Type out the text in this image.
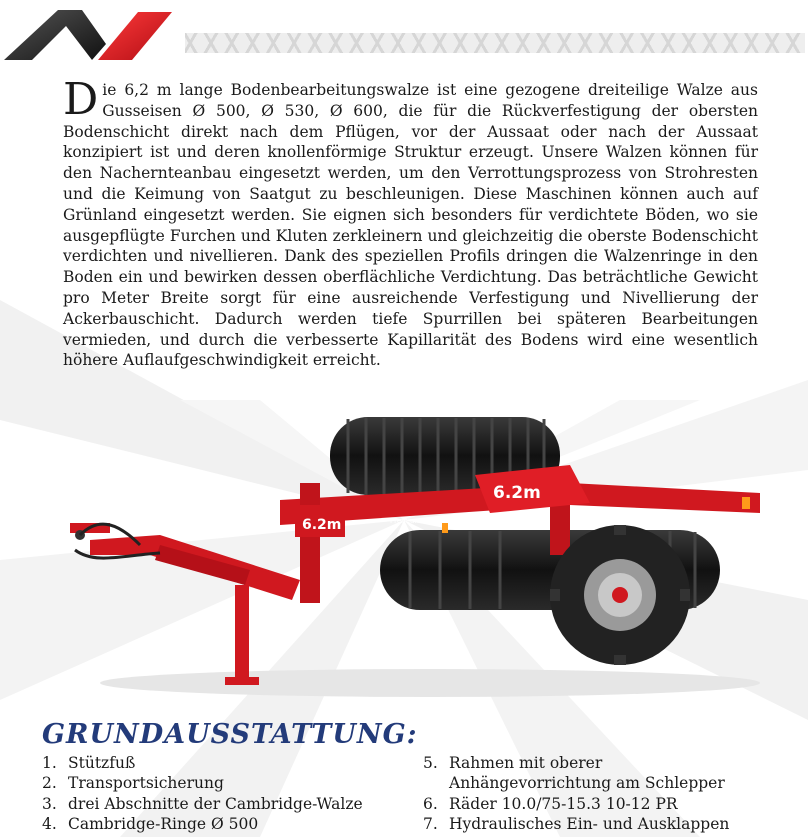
Die 6,2 m lange Bodenbearbeitungswalze ist eine gezogene dreiteilige Walze aus Gusseisen Ø 500, Ø 530, Ø 600, die für die Rückverfestigung der obersten Bodenschicht direkt nach dem Pflügen, vor der Aussaat oder nach der Aussaat konzipiert ist und deren knollenförmige Struktur erzeugt. Unsere Walzen können für den Nachernteanbau eingesetzt werden, um den Verrottungsprozess von Strohresten und die Keimung von Saatgut zu beschleunigen. Diese Maschinen können auch auf Grünland eingesetzt werden. Sie eignen sich besonders für verdichtete Böden, wo sie ausgepflügte Furchen und Kluten zerkleinern und gleichzeitig die oberste Bodenschicht verdichten und nivellieren. Dank des speziellen Profils dringen die Walzenringe in den Boden ein und bewirken dessen oberflächliche Verdichtung. Das beträchtliche Gewicht pro Meter Breite sorgt für eine ausreichende Verfestigung und Nivellierung der Ackerbauschicht. Dadurch werden tiefe Spurrillen bei späteren Bearbeitungen vermieden, und durch die verbesserte Kapillarität des Bodens wird eine wesentlich höhere Auflaufgeschwindigkeit erreicht.

6.2m
6.2m
Premium Lis
GRUNDAUSSTATTUNG:
1. Stützfuß
2. Transportsicherung
3. drei Abschnitte der Cambridge-Walze
4. Cambridge-Ringe Ø 500
5. Rahmen mit oberer
Anhängevorrichtung am Schlepper
6. Räder 10.0/75-15.3 10-12 PR
7. Hydraulisches Ein- und Ausklappen
